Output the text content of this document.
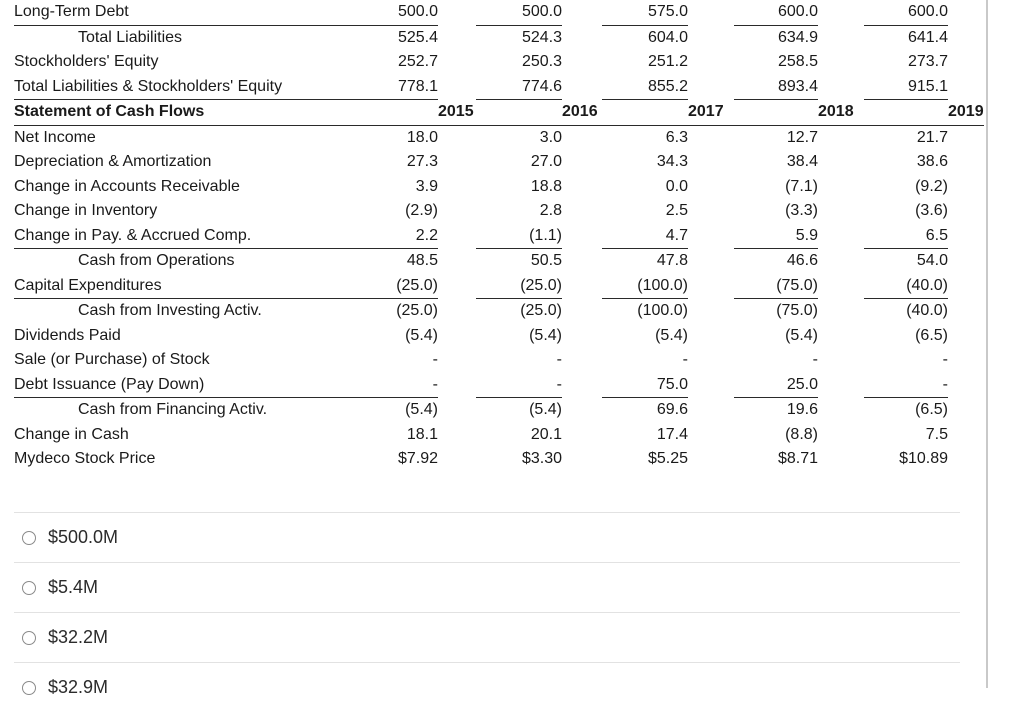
Long-Term Debt	500.0		500.0		575.0		600.0		600.0	
Total Liabilities	525.4		524.3		604.0		634.9		641.4	
Stockholders' Equity	252.7		250.3		251.2		258.5		273.7	
Total Liabilities & Stockholders' Equity	778.1		774.6		855.2		893.4		915.1	
Statement of Cash Flows		2015		2016		2017		2018		2019
Net Income	18.0		3.0		6.3		12.7		21.7	
Depreciation & Amortization	27.3		27.0		34.3		38.4		38.6	
Change in Accounts Receivable	3.9		18.8		0.0		(7.1)		(9.2)	
Change in Inventory	(2.9)		2.8		2.5		(3.3)		(3.6)	
Change in Pay. & Accrued Comp.	2.2		(1.1)		4.7		5.9		6.5	
Cash from Operations	48.5		50.5		47.8		46.6		54.0	
Capital Expenditures	(25.0)		(25.0)		(100.0)		(75.0)		(40.0)	
Cash from Investing Activ.	(25.0)		(25.0)		(100.0)		(75.0)		(40.0)	
Dividends Paid	(5.4)		(5.4)		(5.4)		(5.4)		(6.5)	
Sale (or Purchase) of Stock	-		-		-		-		-	
Debt Issuance (Pay Down)	-		-		75.0		25.0		-	
Cash from Financing Activ.	(5.4)		(5.4)		69.6		19.6		(6.5)	
Change in Cash	18.1		20.1		17.4		(8.8)		7.5	
Mydeco Stock Price	$7.92		$3.30		$5.25		$8.71		$10.89	
$500.0M
$5.4M
$32.2M
$32.9M
